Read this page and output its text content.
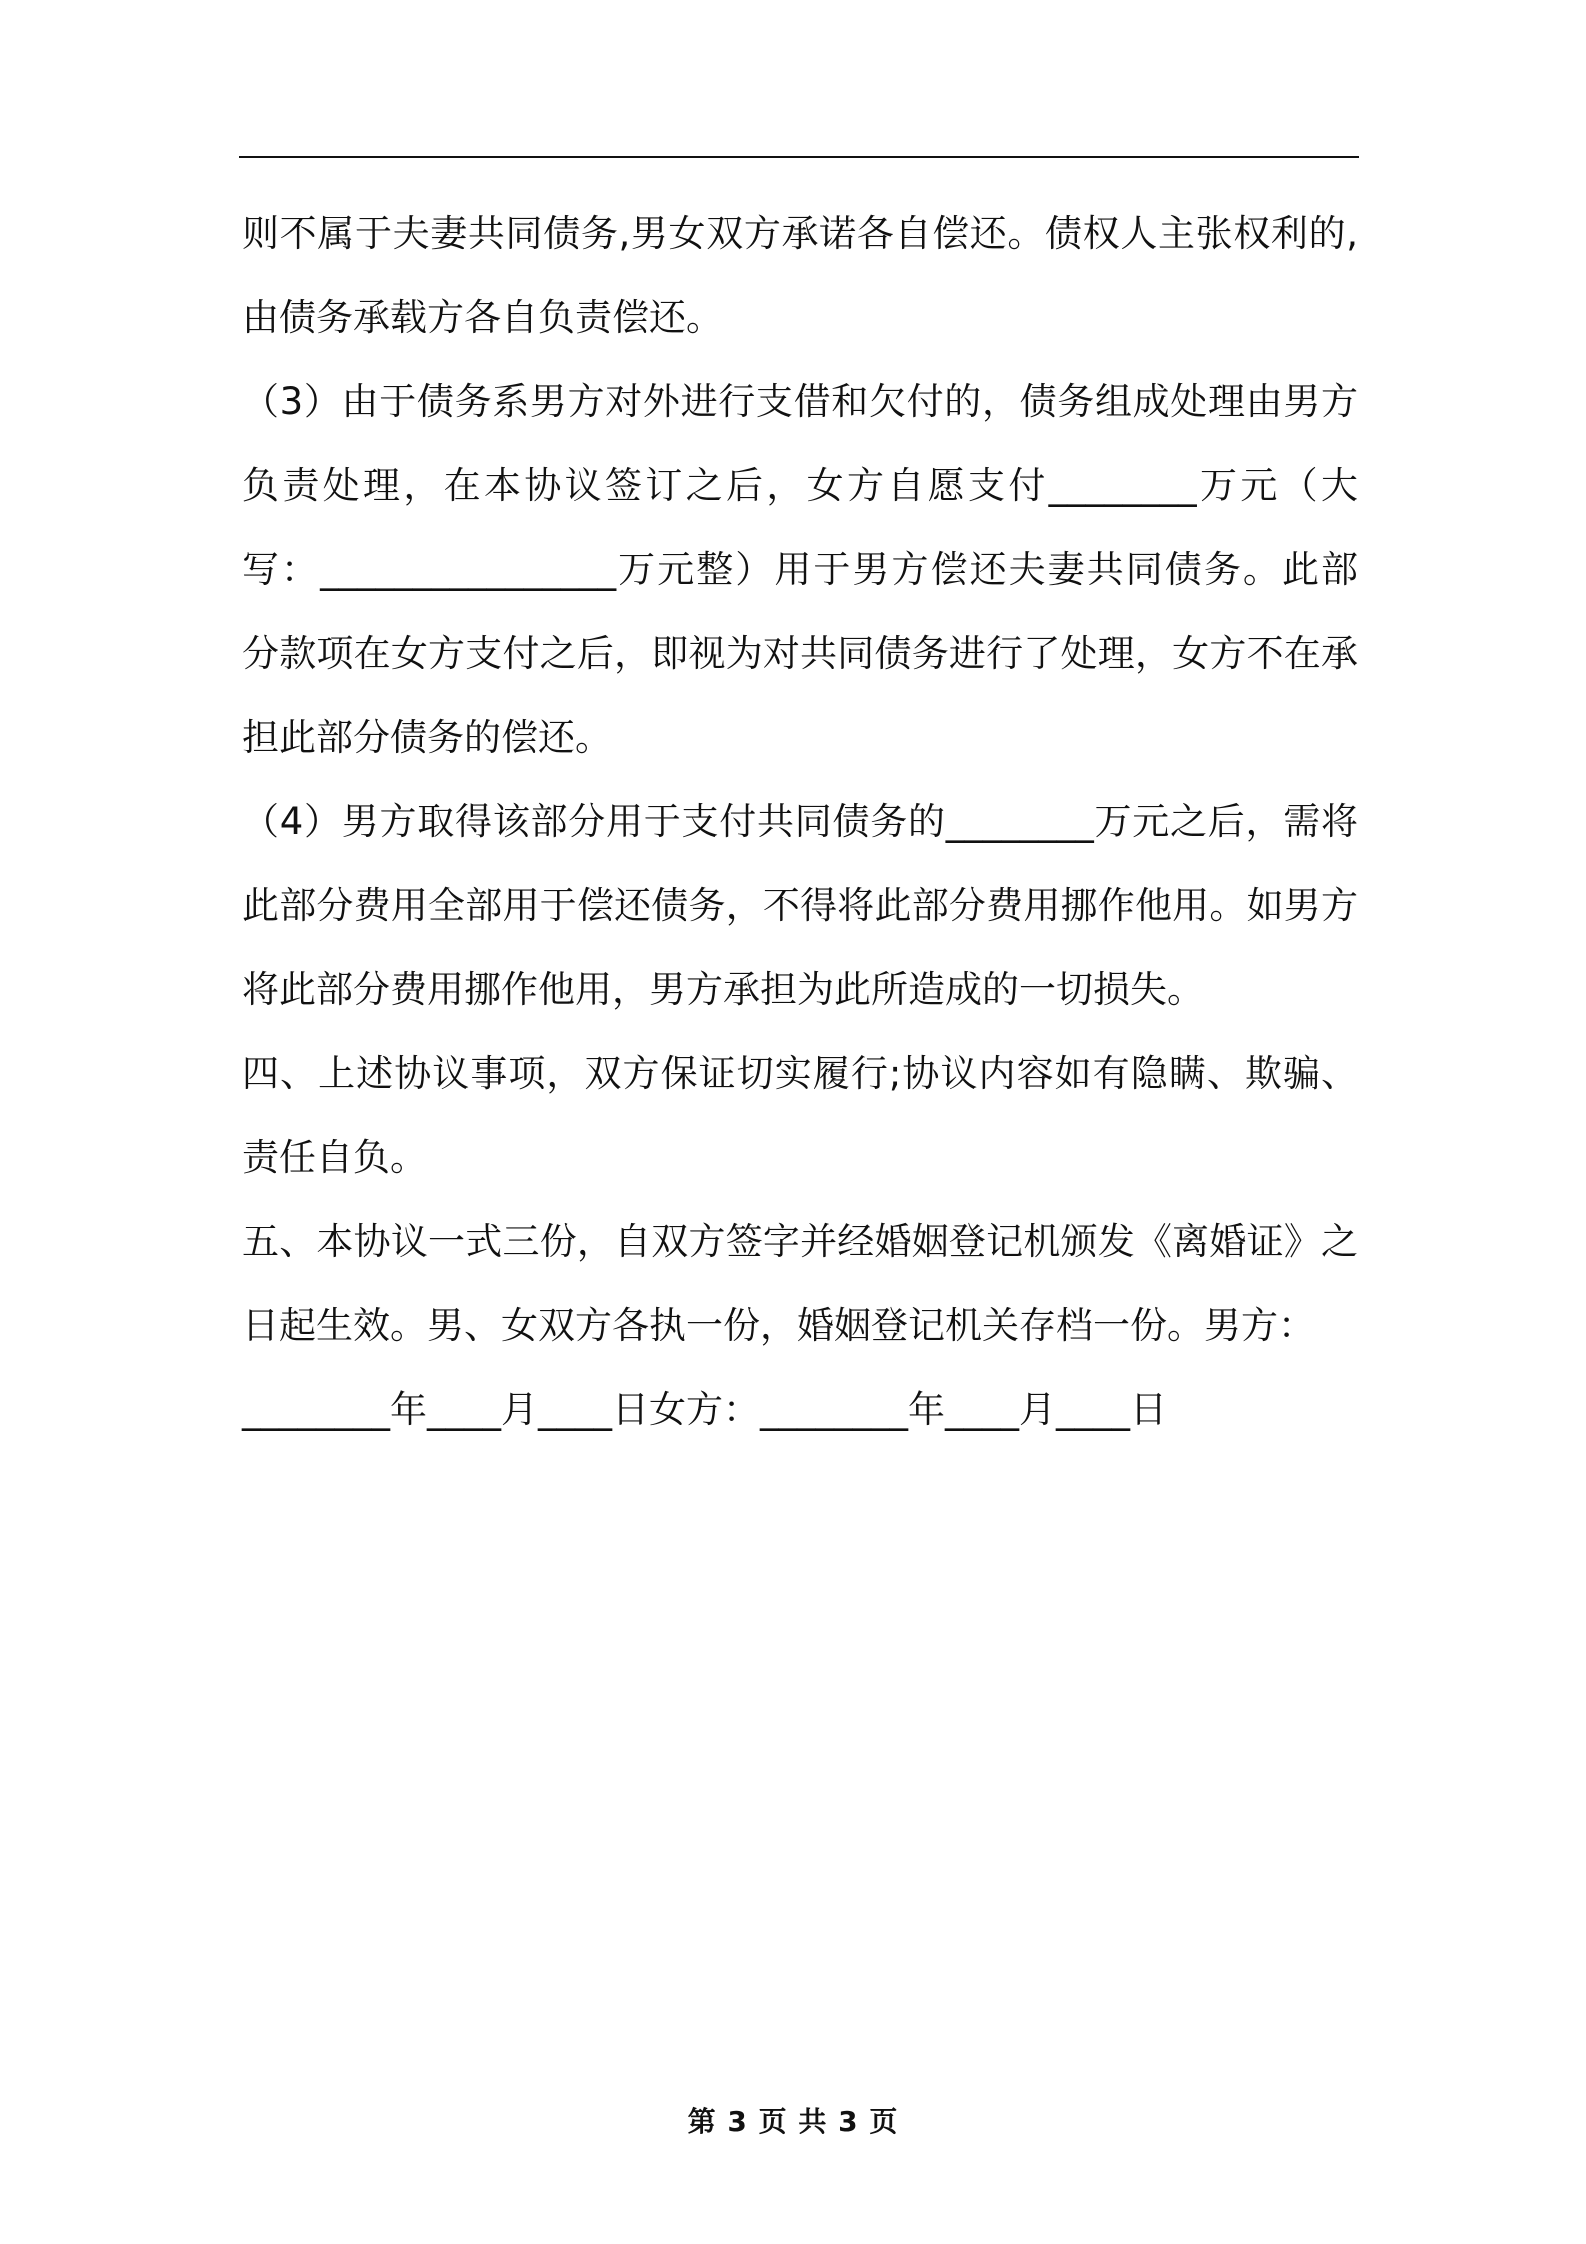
则不属于夫妻共同债务,男女双方承诺各自偿还。债权人主张权利的,
由债务承载方各自负责偿还。
（3）由于债务系男方对外进行支借和欠付的，债务组成处理由男方
负责处理，在本协议签订之后，女方自愿支付________万元（大
写：________________万元整）用于男方偿还夫妻共同债务。此部
分款项在女方支付之后，即视为对共同债务进行了处理，女方不在承
担此部分债务的偿还。
（4）男方取得该部分用于支付共同债务的________万元之后，需将
此部分费用全部用于偿还债务，不得将此部分费用挪作他用。如男方
将此部分费用挪作他用，男方承担为此所造成的一切损失。
四、上述协议事项，双方保证切实履行;协议内容如有隐瞒、欺骗、
责任自负。
五、本协议一式三份，自双方签字并经婚姻登记机颁发《离婚证》之
日起生效。男、女双方各执一份，婚姻登记机关存档一份。男方：
________年____月____日女方：________年____月____日
第 3 页 共 3 页
